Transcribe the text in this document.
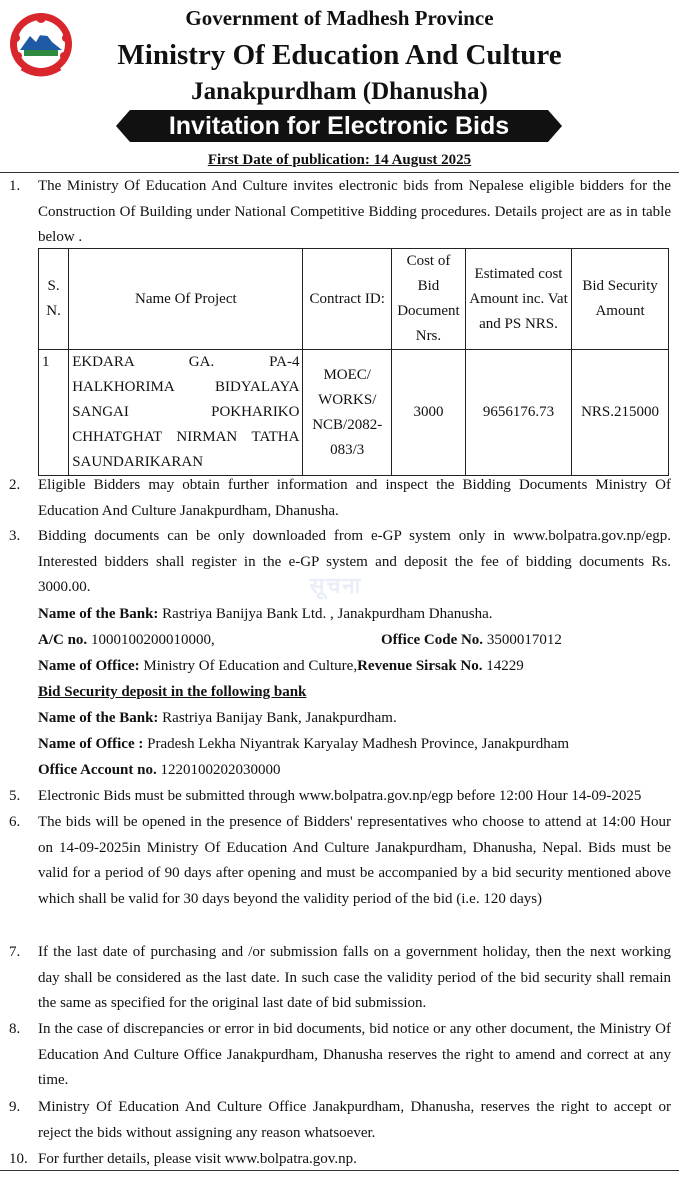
Government of Madhesh Province
Ministry Of Education And Culture
Janakpurdham (Dhanusha)
Invitation for Electronic Bids
First Date of publication: 14 August 2025
सूचना
1.	The Ministry Of Education And Culture invites electronic bids from Nepalese eligible bidders for the Construction Of Building under National Competitive Bidding procedures. Details project are as in table below .
S. N.	Name Of Project	Contract ID:	Cost of Bid Document Nrs.	Estimated cost Amount inc. Vat and PS NRS.	Bid Security Amount
1	EKDARA GA. PA-4 HALKHORIMA BIDYALAYA SANGAI POKHARIKO CHHATGHAT NIRMAN TATHA SAUNDARIKARAN	MOEC/ WORKS/ NCB/2082-083/3	3000	9656176.73	NRS.215000
2.	Eligible Bidders may obtain further information and inspect the Bidding Documents Ministry Of Education And Culture Janakpurdham, Dhanusha.
3.	Bidding documents can be only downloaded from e-GP system only in www.bolpatra.gov.np/egp. Interested bidders shall register in the e-GP system and deposit the fee of bidding documents Rs. 3000.00.
Name of the Bank: Rastriya Banijya Bank Ltd. , Janakpurdham Dhanusha.
A/C no. 1000100200010000,	Office Code No. 3500017012
Name of Office: Ministry Of Education and Culture,Revenue Sirsak No. 14229
Bid Security deposit in the following bank
Name of the Bank: Rastriya Banijay Bank, Janakpurdham.
Name of Office : Pradesh Lekha Niyantrak Karyalay Madhesh Province, Janakpurdham
Office Account no. 1220100202030000
5.	Electronic Bids must be submitted through www.bolpatra.gov.np/egp before 12:00 Hour 14-09-2025
6.	The bids will be opened in the presence of Bidders' representatives who choose to attend at 14:00 Hour on 14-09-2025in Ministry Of Education And Culture Janakpurdham, Dhanusha, Nepal. Bids must be valid for a period of 90 days after opening and must be accompanied by a bid security mentioned above which shall be valid for 30 days beyond the validity period of the bid (i.e. 120 days)
7.	If the last date of purchasing and /or submission falls on a government holiday, then the next working day shall be considered as the last date. In such case the validity period of the bid security shall remain the same as specified for the original last date of bid submission.
8.	In the case of discrepancies or error in bid documents, bid notice or any other document, the Ministry Of Education And Culture Office Janakpurdham, Dhanusha reserves the right to amend and correct at any time.
9.	Ministry Of Education And Culture Office Janakpurdham, Dhanusha, reserves the right to accept or reject the bids without assigning any reason whatsoever.
10. For further details, please visit www.bolpatra.gov.np.
